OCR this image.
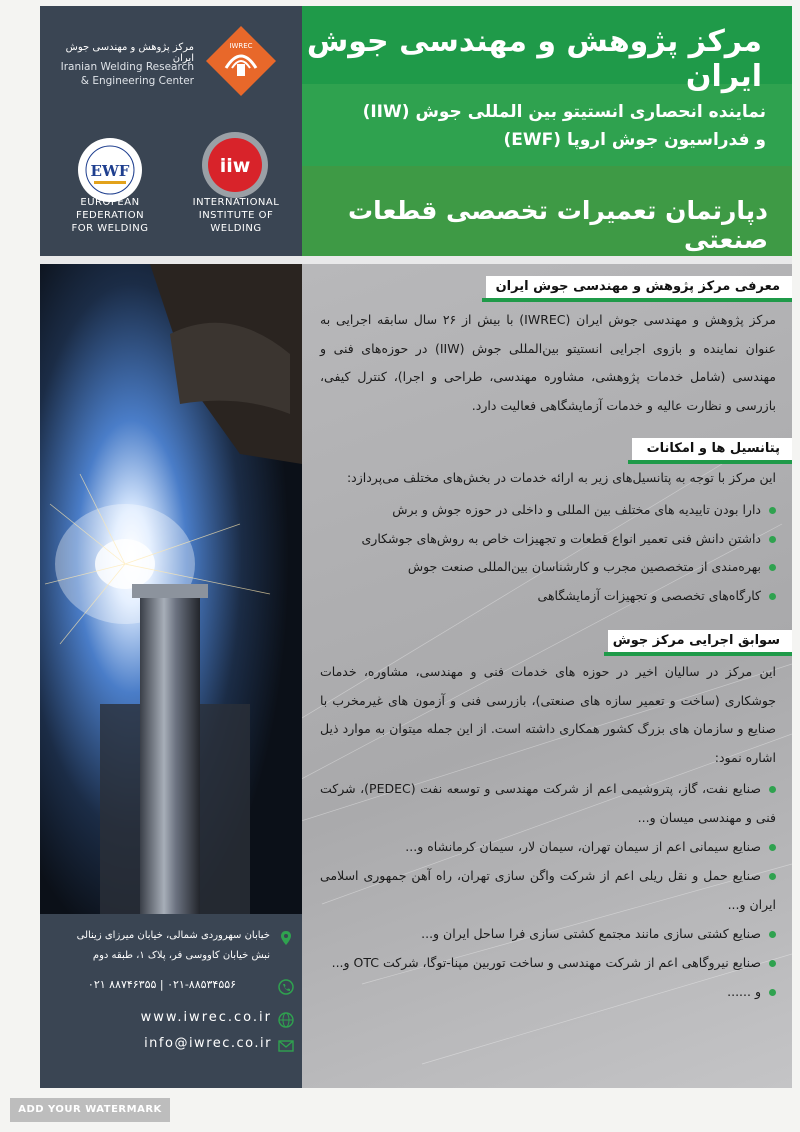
IWREC
مرکز پژوهش و مهندسی جوش ایران
Iranian Welding Research
& Engineering Center
EWF
EUROPEAN
FEDERATION
FOR WELDING
iiw
INTERNATIONAL
INSTITUTE OF
WELDING
مرکز پژوهش و مهندسی جوش ایران
نماینده انحصاری انستیتو بین المللی جوش (IIW)
و فدراسیون جوش اروپا (EWF)
دپارتمان تعمیرات تخصصی قطعات صنعتی
خیابان سهروردی شمالی، خیابان میرزای زینالی
نبش خیابان کاووسی فر، پلاک ۱، طبقه دوم
۰۲۱ ۸۸۷۴۶۳۵۵ | ۰۲۱-۸۸۵۳۴۵۵۶
www.iwrec.co.ir
info@iwrec.co.ir
معرفی مرکز پژوهش و مهندسی جوش ایران
مرکز پژوهش و مهندسی جوش ایران (IWREC) با بیش از ۲۶ سال سابقه اجرایی به عنوان نماینده و بازوی اجرایی انستیتو بین‌المللی جوش (IIW) در حوزه‌های فنی و مهندسی (شامل خدمات پژوهشی، مشاوره مهندسی، طراحی و اجرا)، کنترل کیفی، بازرسی و نظارت عالیه و خدمات آزمایشگاهی فعالیت دارد.
پتانسیل ها و امکانات
این مرکز با توجه به پتانسیل‌های زیر به ارائه خدمات در بخش‌های مختلف می‌پردازد:
دارا بودن تاییدیه های مختلف بین المللی و داخلی در حوزه جوش و برش
داشتن دانش فنی تعمیر انواع قطعات و تجهیزات خاص به روش‌های جوشکاری
بهره‌مندی از متخصصین مجرب و کارشناسان بین‌المللی صنعت جوش
کارگاه‌های تخصصی و تجهیزات آزمایشگاهی
سوابق اجرایی مرکز جوش
این مرکز در سالیان اخیر در حوزه های خدمات فنی و مهندسی، مشاوره، خدمات جوشکاری (ساخت و تعمیر سازه های صنعتی)، بازرسی فنی و آزمون های غیرمخرب با صنایع و سازمان های بزرگ کشور همکاری داشته است. از این جمله میتوان به موارد ذیل اشاره نمود:
صنایع نفت، گاز، پتروشیمی اعم از شرکت مهندسی و توسعه نفت (PEDEC)، شرکت فنی و مهندسی میسان و...
صنایع سیمانی اعم از سیمان تهران، سیمان لار، سیمان کرمانشاه و...
صنایع حمل و نقل ریلی اعم از شرکت واگن سازی تهران، راه آهن جمهوری اسلامی ایران و...
صنایع کشتی سازی مانند مجتمع کشتی سازی فرا ساحل ایران و...
صنایع نیروگاهی اعم از شرکت مهندسی و ساخت توربین مپنا-توگا، شرکت OTC و...
و ......
ADD YOUR WATERMARK
